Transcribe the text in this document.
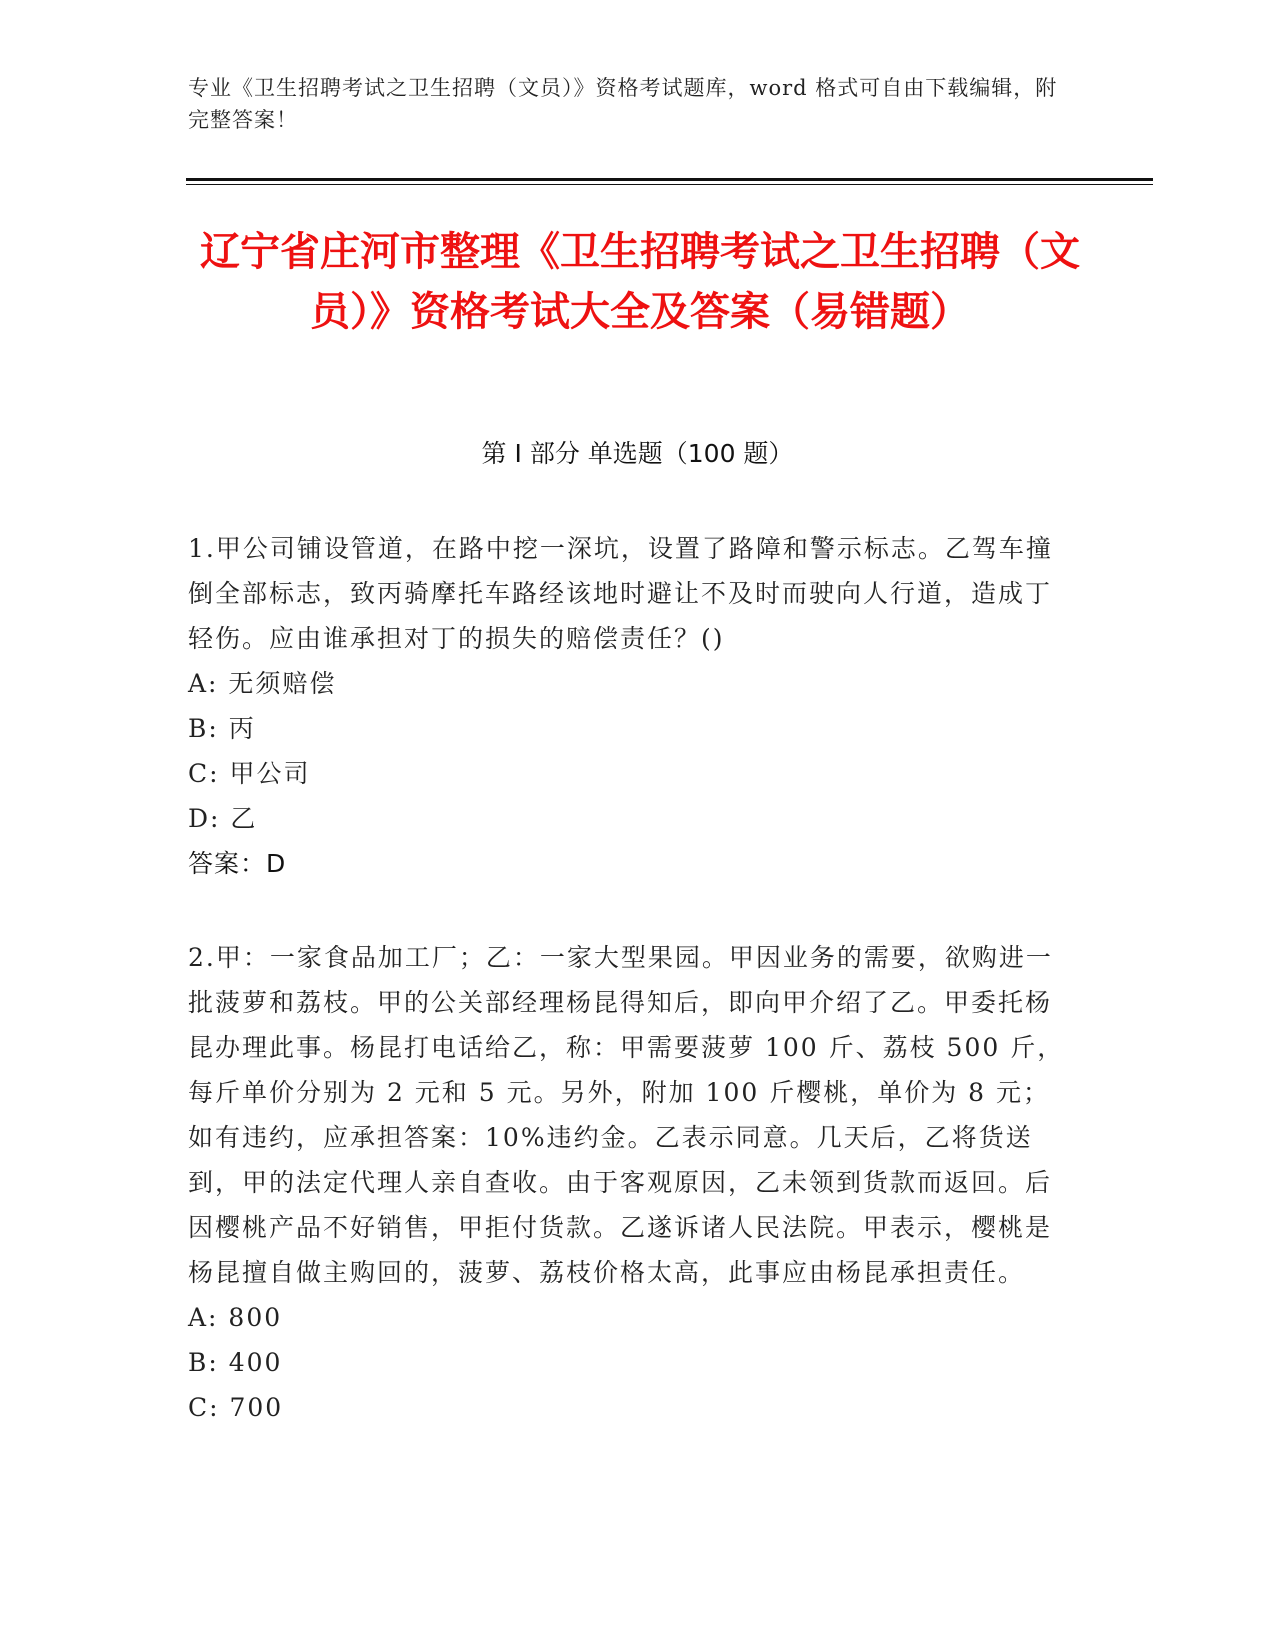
专业《卫生招聘考试之卫生招聘（文员）》资格考试题库，word 格式可自由下载编辑，附完整答案！
辽宁省庄河市整理《卫生招聘考试之卫生招聘（文员）》资格考试大全及答案（易错题）
第 I 部分 单选题（100 题）

1.甲公司铺设管道，在路中挖一深坑，设置了路障和警示标志。乙驾车撞倒全部标志，致丙骑摩托车路经该地时避让不及时而驶向人行道，造成丁轻伤。应由谁承担对丁的损失的赔偿责任？()

A: 无须赔偿

B: 丙

C: 甲公司

D: 乙

答案：D

2.甲：一家食品加工厂；乙：一家大型果园。甲因业务的需要，欲购进一批菠萝和荔枝。甲的公关部经理杨昆得知后，即向甲介绍了乙。甲委托杨昆办理此事。杨昆打电话给乙，称：甲需要菠萝 100 斤、荔枝 500 斤，每斤单价分别为 2 元和 5 元。另外，附加 100 斤樱桃，单价为 8 元；如有违约，应承担答案：10%违约金。乙表示同意。几天后，乙将货送到，甲的法定代理人亲自查收。由于客观原因，乙未领到货款而返回。后因樱桃产品不好销售，甲拒付货款。乙遂诉诸人民法院。甲表示，樱桃是杨昆擅自做主购回的，菠萝、荔枝价格太高，此事应由杨昆承担责任。

A: 800

B: 400

C: 700
